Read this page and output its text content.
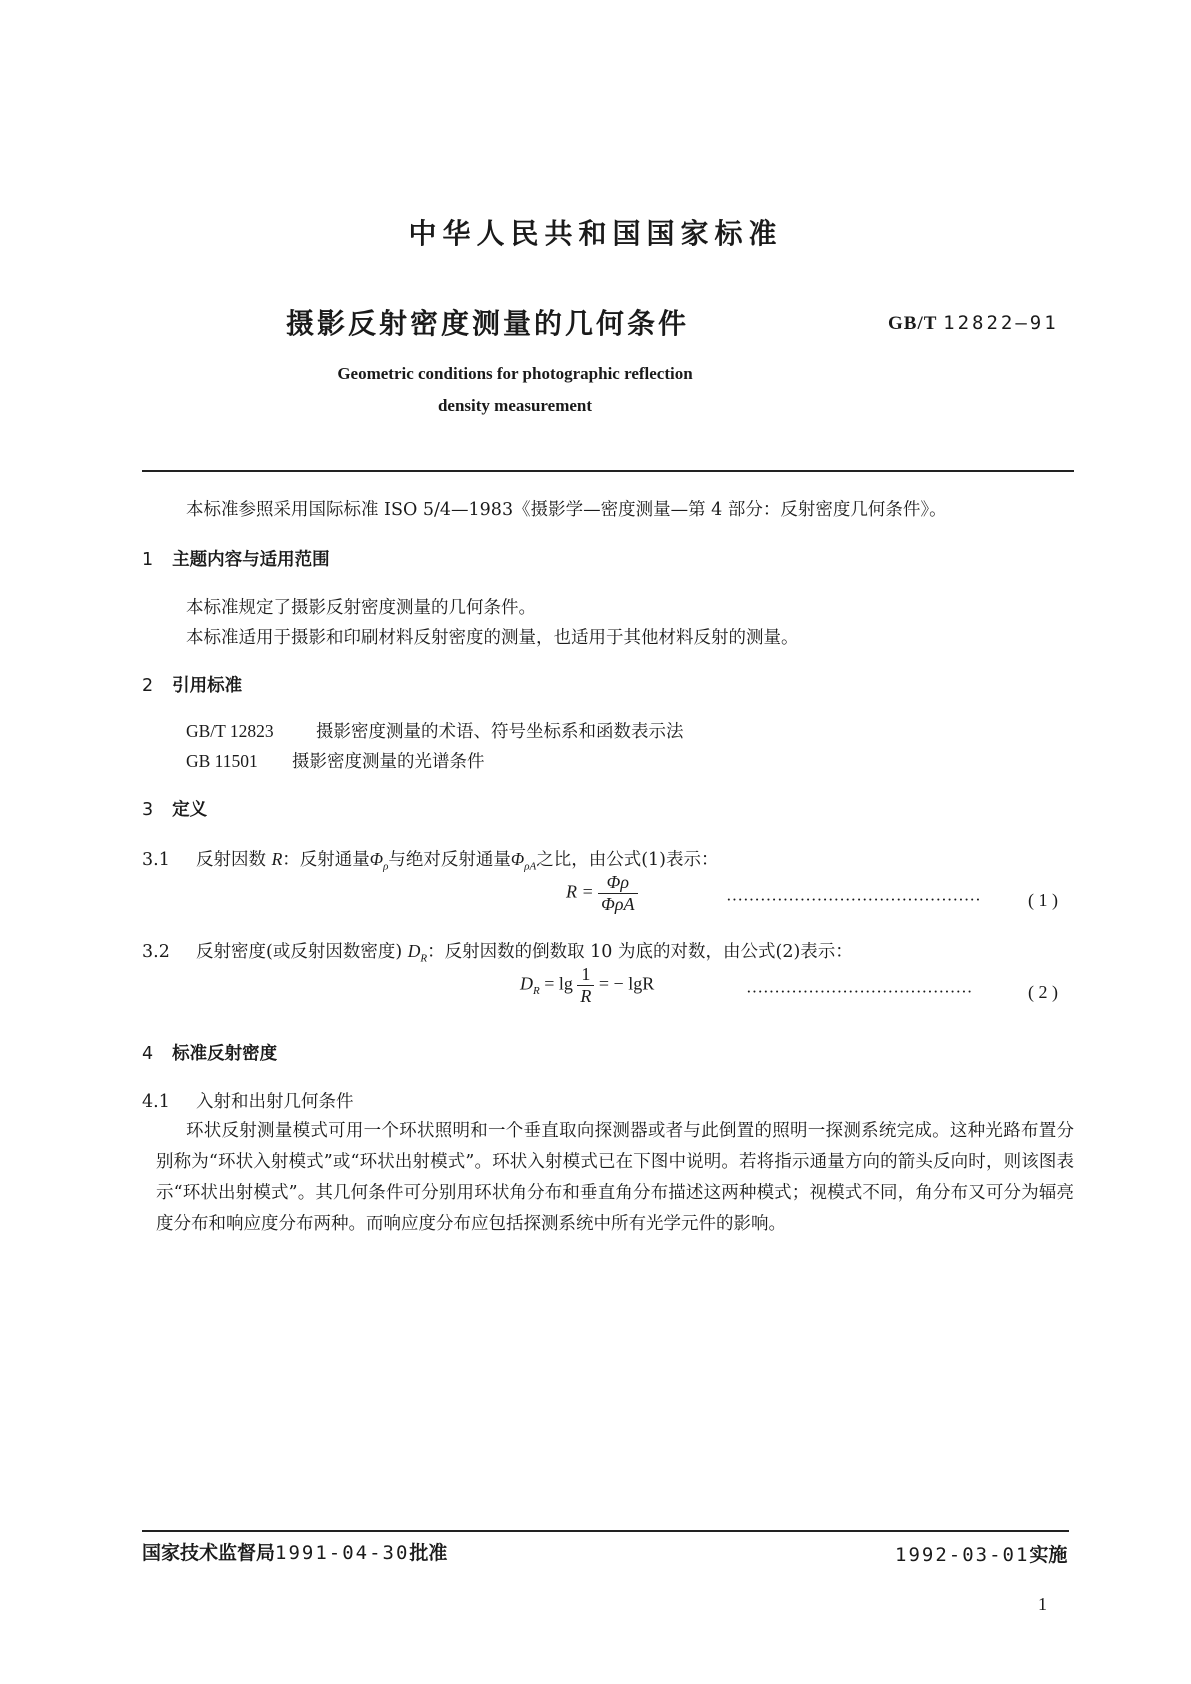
中华人民共和国国家标准
摄影反射密度测量的几何条件	GB/T 12822—91
Geometric conditions for photographic reflection
density measurement
本标准参照采用国际标准 ISO 5/4—1983《摄影学—密度测量—第 4 部分：反射密度几何条件》。
1 主题内容与适用范围
本标准规定了摄影反射密度测量的几何条件。
本标准适用于摄影和印刷材料反射密度的测量，也适用于其他材料反射的测量。
2 引用标准
GB/T 12823 摄影密度测量的术语、符号坐标系和函数表示法
GB 11501 摄影密度测量的光谱条件
3 定义
3.1 反射因数 R：反射通量$\Phi_\rho$与绝对反射通量$\Phi_{\rho A}$之比，由公式(1)表示：
$R = \frac{\Phi\rho}{\text{ΦρA}}$	·············································	( 1 )
3.2 反射密度(或反射因数密度) $D_R$：反射因数的倒数取 10 为底的对数，由公式(2)表示：
$D_R = \lg \frac{1}{R}$ = − lgR	········································	( 2 )
4 标准反射密度
4.1 入射和出射几何条件
环状反射测量模式可用一个环状照明和一个垂直取向探测器或者与此倒置的照明一探测系统完成。这种光路布置分别称为“环状入射模式”或“环状出射模式”。环状入射模式已在下图中说明。若将指示通量方向的箭头反向时，则该图表示“环状出射模式”。其几何条件可分别用环状角分布和垂直角分布描述这两种模式；视模式不同，角分布又可分为辐亮度分布和响应度分布两种。而响应度分布应包括探测系统中所有光学元件的影响。
国家技术监督局1991-04-30批准	1992-03-01实施
1
